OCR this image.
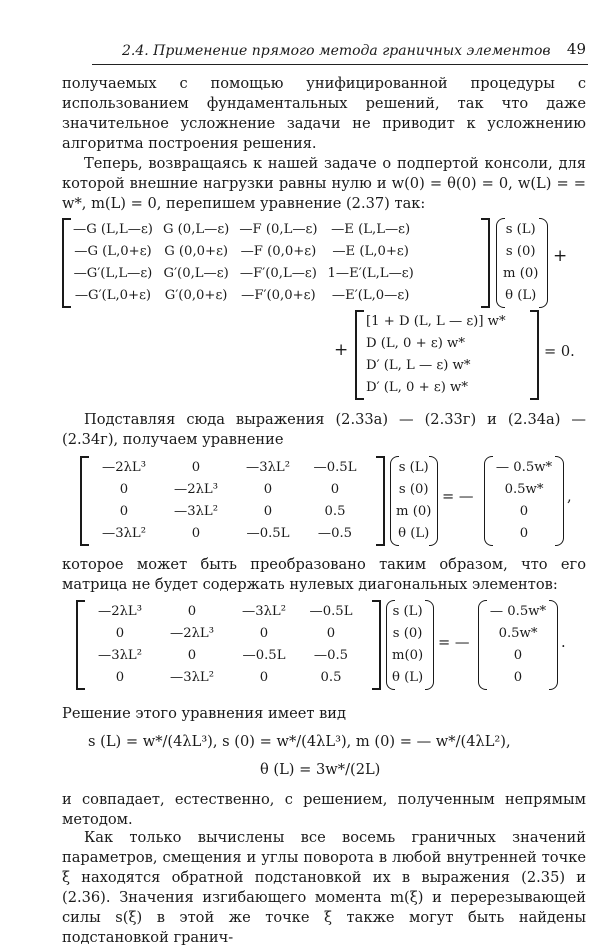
2.4. Применение прямого метода граничных элементов 49

получаемых с помощью унифицированной процедуры с использованием фундаментальных решений, так что даже значительное усложнение задачи не приводит к усложнению алгоритма построения решения.

Теперь, возвращаясь к нашей задаче о подпертой консоли, для которой внешние нагрузки равны нулю и w(0) = θ(0) = 0, w(L) = = w*, m(L) = 0, перепишем уравнение (2.37) так:

—G (L,L—ε)	G (0,L—ε)	—F (0,L—ε)	—E (L,L—ε)
—G (L,0+ε)	G (0,0+ε)	—F (0,0+ε)	—E (L,0+ε)
—G′(L,L—ε)	G′(0,L—ε)	—F′(0,L—ε)	1—E′(L,L—ε)
—G′(L,0+ε)	G′(0,0+ε)	—F′(0,0+ε)	—E′(L,0—ε)
s (L)
s (0)
m (0)
θ (L)
+
+
[1 + D (L, L — ε)] w*
D (L, 0 + ε) w*
D′ (L, L — ε) w*
D′ (L, 0 + ε) w*
= 0.

Подставляя сюда выражения (2.33а) — (2.33г) и (2.34а) — (2.34г), получаем уравнение

—2λL³	0	—3λL²	—0.5L
0	—2λL³	0	0
0	—3λL²	0	0.5
—3λL²	0	—0.5L	—0.5
s (L)
s (0)
m (0)
θ (L)
= —
— 0.5w*
0.5w*
0
0
,

которое может быть преобразовано таким образом, что его матрица не будет содержать нулевых диагональных элементов:

—2λL³	0	—3λL²	—0.5L
0	—2λL³	0	0
—3λL²	0	—0.5L	—0.5
0	—3λL²	0	0.5
s (L)
s (0)
m(0)
θ (L)
= —
— 0.5w*
0.5w*
0
0
.

Решение этого уравнения имеет вид

s (L) = w*/(4λL³), s (0) = w*/(4λL³), m (0) = — w*/(4λL²),
θ (L) = 3w*/(2L)

и совпадает, естественно, с решением, полученным непрямым методом.

Как только вычислены все восемь граничных значений параметров, смещения и углы поворота в любой внутренней точке ξ находятся обратной подстановкой их в выражения (2.35) и (2.36). Значения изгибающего момента m(ξ) и перерезывающей силы s(ξ) в этой же точке ξ также могут быть найдены подстановкой гранич-
